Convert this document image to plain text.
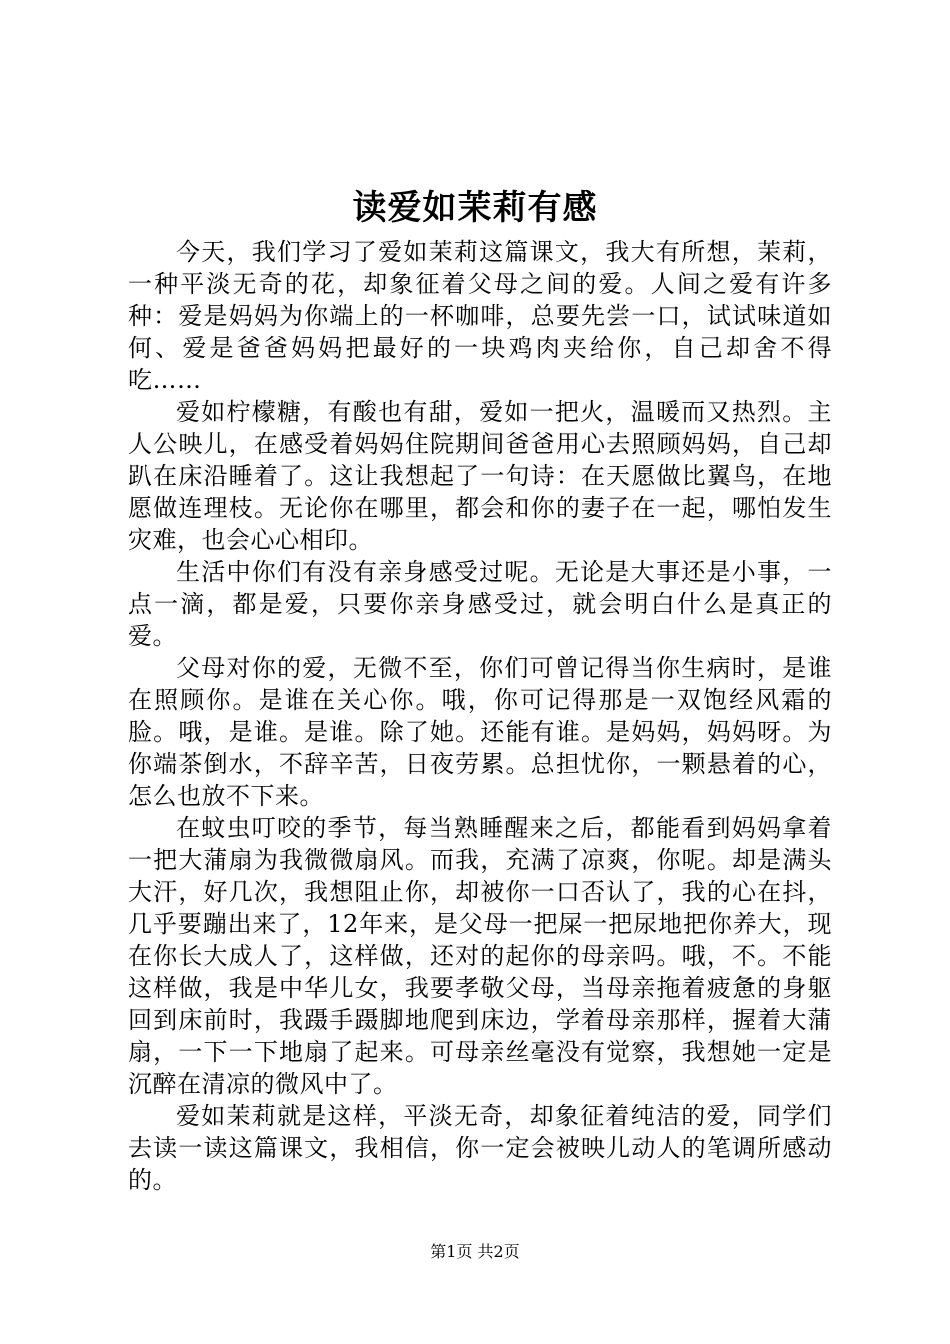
读爱如茉莉有感

今天，我们学习了爱如茉莉这篇课文，我大有所想，茉莉，一种平淡无奇的花，却象征着父母之间的爱。人间之爱有许多种：爱是妈妈为你端上的一杯咖啡，总要先尝一口，试试味道如何、爱是爸爸妈妈把最好的一块鸡肉夹给你，自己却舍不得吃……

爱如柠檬糖，有酸也有甜，爱如一把火，温暖而又热烈。主人公映儿，在感受着妈妈住院期间爸爸用心去照顾妈妈，自己却趴在床沿睡着了。这让我想起了一句诗：在天愿做比翼鸟，在地愿做连理枝。无论你在哪里，都会和你的妻子在一起，哪怕发生灾难，也会心心相印。

生活中你们有没有亲身感受过呢。无论是大事还是小事，一点一滴，都是爱，只要你亲身感受过，就会明白什么是真正的爱。

父母对你的爱，无微不至，你们可曾记得当你生病时，是谁在照顾你。是谁在关心你。哦，你可记得那是一双饱经风霜的脸。哦，是谁。是谁。除了她。还能有谁。是妈妈，妈妈呀。为你端茶倒水，不辞辛苦，日夜劳累。总担忧你，一颗悬着的心，怎么也放不下来。

在蚊虫叮咬的季节，每当熟睡醒来之后，都能看到妈妈拿着一把大蒲扇为我微微扇风。而我，充满了凉爽，你呢。却是满头大汗，好几次，我想阻止你，却被你一口否认了，我的心在抖，几乎要蹦出来了，12年来，是父母一把屎一把尿地把你养大，现在你长大成人了，这样做，还对的起你的母亲吗。哦，不。不能这样做，我是中华儿女，我要孝敬父母，当母亲拖着疲惫的身躯回到床前时，我蹑手蹑脚地爬到床边，学着母亲那样，握着大蒲扇，一下一下地扇了起来。可母亲丝毫没有觉察，我想她一定是沉醉在清凉的微风中了。

爱如茉莉就是这样，平淡无奇，却象征着纯洁的爱，同学们去读一读这篇课文，我相信，你一定会被映儿动人的笔调所感动的。

第1页 共2页
